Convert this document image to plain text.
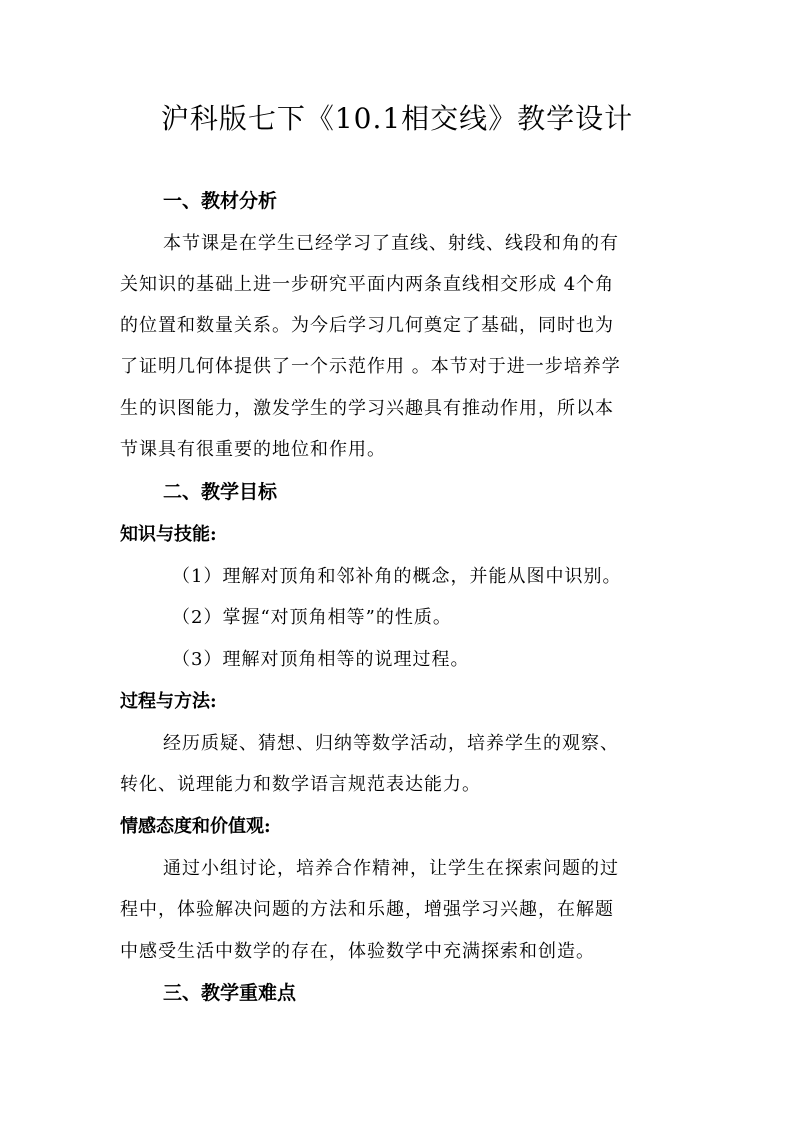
沪科版七下《10.1相交线》教学设计
一、教材分析
本节课是在学生已经学习了直线、射线、线段和角的有
关知识的基础上进一步研究平面内两条直线相交形成 4个角
的位置和数量关系。为今后学习几何奠定了基础，同时也为
了证明几何体提供了一个示范作用 。本节对于进一步培养学
生的识图能力，激发学生的学习兴趣具有推动作用，所以本
节课具有很重要的地位和作用。
二、教学目标
知识与技能:
（1）理解对顶角和邻补角的概念，并能从图中识别。
（2）掌握“对顶角相等”的性质。
（3）理解对顶角相等的说理过程。
过程与方法:
经历质疑、猜想、归纳等数学活动，培养学生的观察、
转化、说理能力和数学语言规范表达能力。
情感态度和价值观:
通过小组讨论，培养合作精神，让学生在探索问题的过
程中，体验解决问题的方法和乐趣，增强学习兴趣，在解题
中感受生活中数学的存在，体验数学中充满探索和创造。
三、教学重难点
